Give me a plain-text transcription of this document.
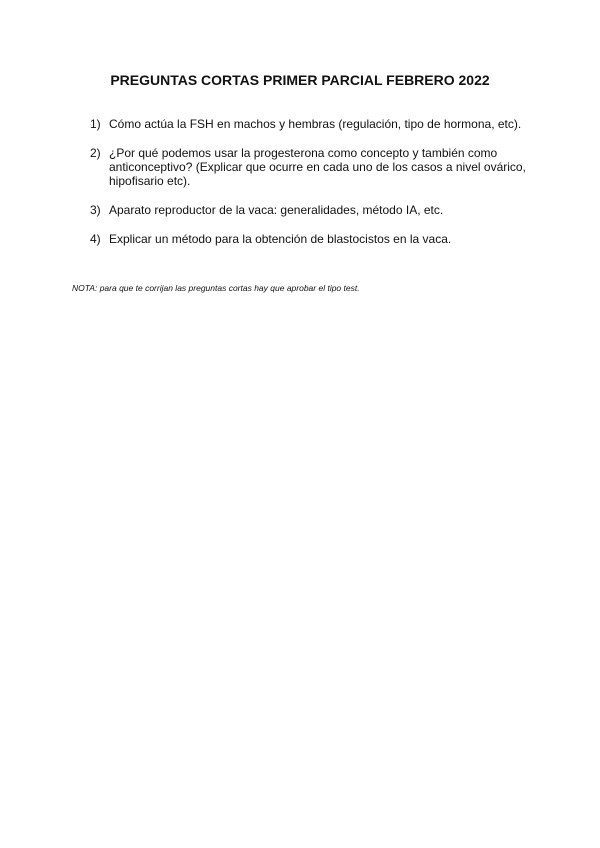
PREGUNTAS CORTAS PRIMER PARCIAL FEBRERO 2022
1) Cómo actúa la FSH en machos y hembras (regulación, tipo de hormona, etc).
2) ¿Por qué podemos usar la progesterona como concepto y también como anticonceptivo? (Explicar que ocurre en cada uno de los casos a nivel ovárico, hipofisario etc).
3) Aparato reproductor de la vaca: generalidades, método IA, etc.
4) Explicar un método para la obtención de blastocistos en la vaca.
NOTA: para que te corrijan las preguntas cortas hay que aprobar el tipo test.
